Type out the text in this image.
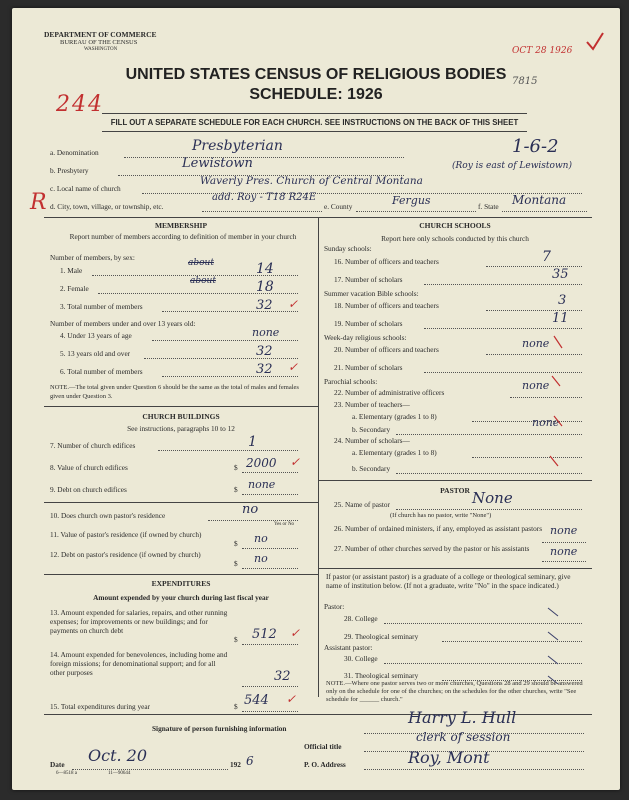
DEPARTMENT OF COMMERCE
BUREAU OF THE CENSUS
WASHINGTON	OCT 28 1926
7815
244
UNITED STATES CENSUS OF RELIGIOUS BODIES
SCHEDULE: 1926
FILL OUT A SEPARATE SCHEDULE FOR EACH CHURCH. SEE INSTRUCTIONS ON THE BACK OF THIS SHEET
a. Denomination	Presbyterian	1-6-2
b. Presbytery	Lewistown	(Roy is east of Lewistown)
c. Local name of church
Waverly Pres. Church of Central Montana
R d. City, town, village, or township, etc.
add. Roy - T18 R24E
e. County	Fergus	f. State Montana
MEMBERSHIP
Report number of members according to definition of member in your church
Number of members, by sex:
1. Male
about	14
2. Female
about	18
3. Total number of members	32 ✓
Number of members under and over 13 years old:
4. Under 13 years of age	none
5. 13 years old and over	32
6. Total number of members	32 ✓
NOTE.—The total given under Question 6 should be the same as the total of males and females given under Question 3.
CHURCH BUILDINGS
See instructions, paragraphs 10 to 12
7. Number of church edifices	1
8. Value of church edifices	$ 2000 ✓
9. Debt on church edifices	$ none
10. Does church own pastor's residence	no
Yes or No
11. Value of pastor's residence (if owned by church)
$ no
12. Debt on pastor's residence (if owned by church)
$ no
EXPENDITURES
Amount expended by your church during last fiscal year
13. Amount expended for salaries, repairs, and other running expenses; for improvements or new buildings; and for payments on church debt
$ 512 ✓
14. Amount expended for benevolences, including home and foreign missions; for denominational support; and for all other purposes	32
15. Total expenditures during year	$ 544 ✓
CHURCH SCHOOLS
Report here only schools conducted by this church
Sunday schools:
16. Number of officers and teachers	7
17. Number of scholars	35
Summer vacation Bible schools:
18. Number of officers and teachers	3
19. Number of scholars	11
Week-day religious schools:
20. Number of officers and teachers	none
21. Number of scholars
Parochial schools:
22. Number of administrative officers
none
23. Number of teachers—
a. Elementary (grades 1 to 8)
b. Secondary
none
24. Number of scholars—
a. Elementary (grades 1 to 8)
b. Secondary
PASTOR
25. Name of pastor	None
(If church has no pastor, write "None")
26. Number of ordained ministers, if any, employed as assistant pastors none
27. Number of other churches served by the pastor or his assistants	none
If pastor (or assistant pastor) is a graduate of a college or theological seminary, give name of institution below. (If not a graduate, write "No" in the space indicated.)
Pastor:
28. College
29. Theological seminary
Assistant pastor:
30. College
31. Theological seminary
NOTE.—Where one pastor serves two or more churches, Questions 28 and 29 should be answered only on the schedule for one of the churches; on the schedules for the other churches, write "See schedule for ______ church."
Signature of person furnishing information
Harry L. Hull
Official title
clerk of session
Date Oct. 20	192 6	P. O. Address	Roy, Mont
6—8518 a	11—90644
